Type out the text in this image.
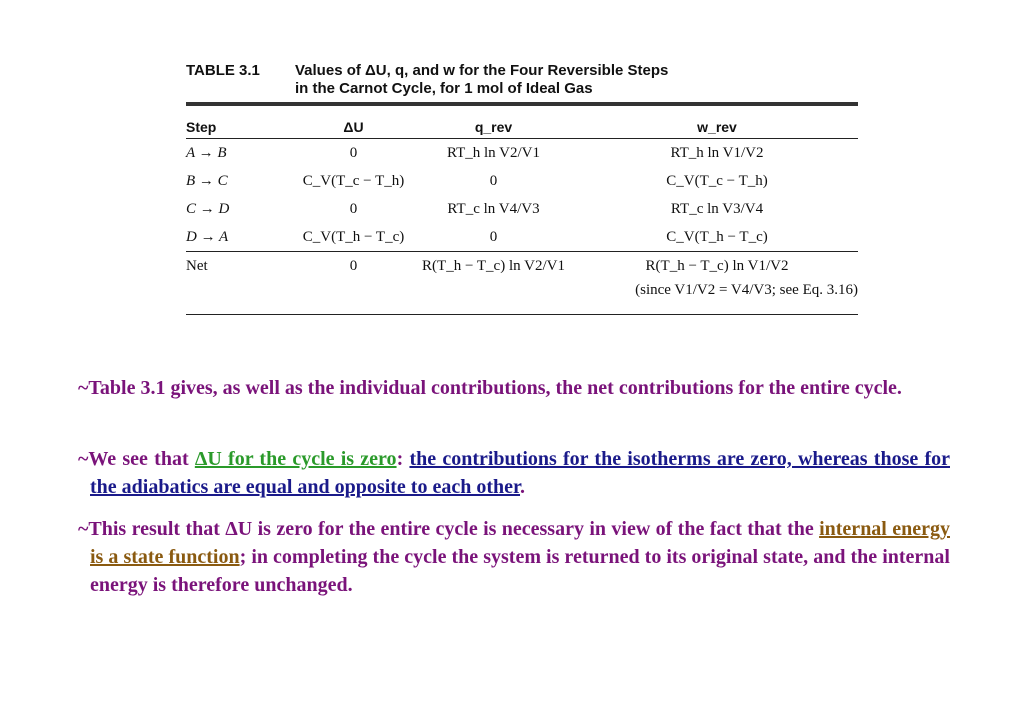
TABLE 3.1 Values of ΔU, q, and w for the Four Reversible Steps
in the Carnot Cycle, for 1 mol of Ideal Gas
Step	ΔU	q_rev	w_rev
A → B	0	RT_h ln V2/V1	RT_h ln V1/V2
B → C	C_V(T_c − T_h)	0	C_V(T_c − T_h)
C → D	0	RT_c ln V4/V3	RT_c ln V3/V4
D → A	C_V(T_h − T_c)	0	C_V(T_h − T_c)
Net	0	R(T_h − T_c) ln V2/V1	R(T_h − T_c) ln V1/V2
(since V1/V2 = V4/V3; see Eq. 3.16)
~Table 3.1 gives, as well as the individual contributions, the net contributions for the entire cycle.
~We see that ΔU for the cycle is zero: the contributions for the isotherms are zero, whereas those for the adiabatics are equal and opposite to each other.
~This result that ΔU is zero for the entire cycle is necessary in view of the fact that the internal energy is a state function; in completing the cycle the system is returned to its original state, and the internal energy is therefore unchanged.
